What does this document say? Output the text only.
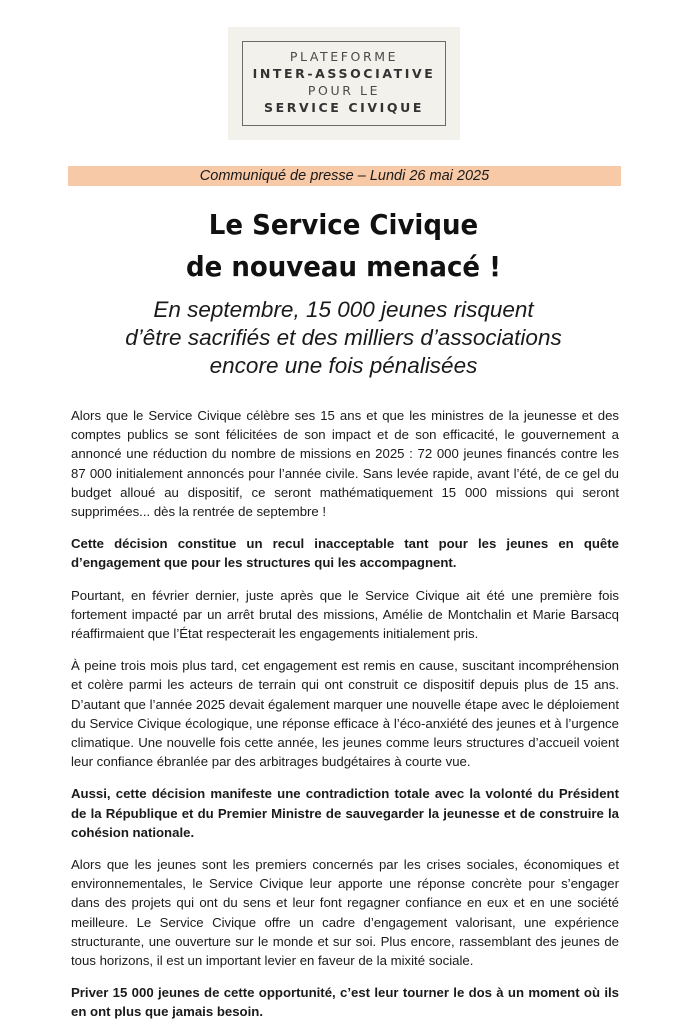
PLATEFORME
INTER-ASSOCIATIVE
POUR LE
SERVICE CIVIQUE
Communiqué de presse – Lundi 26 mai 2025
Le Service Civique
de nouveau menacé !
En septembre, 15 000 jeunes risquent
d’être sacrifiés et des milliers d’associations
encore une fois pénalisées

Alors que le Service Civique célèbre ses 15 ans et que les ministres de la jeunesse et des comptes publics se sont félicitées de son impact et de son efficacité, le gouvernement a annoncé une réduction du nombre de missions en 2025 : 72 000 jeunes financés contre les 87 000 initialement annoncés pour l’année civile. Sans levée rapide, avant l’été, de ce gel du budget alloué au dispositif, ce seront mathématiquement 15 000 missions qui seront supprimées... dès la rentrée de septembre !

Cette décision constitue un recul inacceptable tant pour les jeunes en quête d’engagement que pour les structures qui les accompagnent.

Pourtant, en février dernier, juste après que le Service Civique ait été une première fois fortement impacté par un arrêt brutal des missions, Amélie de Montchalin et Marie Barsacq réaffirmaient que l’État respecterait les engagements initialement pris.

À peine trois mois plus tard, cet engagement est remis en cause, suscitant incompréhension et colère parmi les acteurs de terrain qui ont construit ce dispositif depuis plus de 15 ans. D’autant que l’année 2025 devait également marquer une nouvelle étape avec le déploiement du Service Civique écologique, une réponse efficace à l’éco-anxiété des jeunes et à l’urgence climatique. Une nouvelle fois cette année, les jeunes comme leurs structures d’accueil voient leur confiance ébranlée par des arbitrages budgétaires à courte vue.

Aussi, cette décision manifeste une contradiction totale avec la volonté du Président de la République et du Premier Ministre de sauvegarder la jeunesse et de construire la cohésion nationale.

Alors que les jeunes sont les premiers concernés par les crises sociales, économiques et environnementales, le Service Civique leur apporte une réponse concrète pour s’engager dans des projets qui ont du sens et leur font regagner confiance en eux et en une société meilleure. Le Service Civique offre un cadre d’engagement valorisant, une expérience structurante, une ouverture sur le monde et sur soi. Plus encore, rassemblant des jeunes de tous horizons, il est un important levier en faveur de la mixité sociale.

Priver 15 000 jeunes de cette opportunité, c’est leur tourner le dos à un moment où ils en ont plus que jamais besoin.
